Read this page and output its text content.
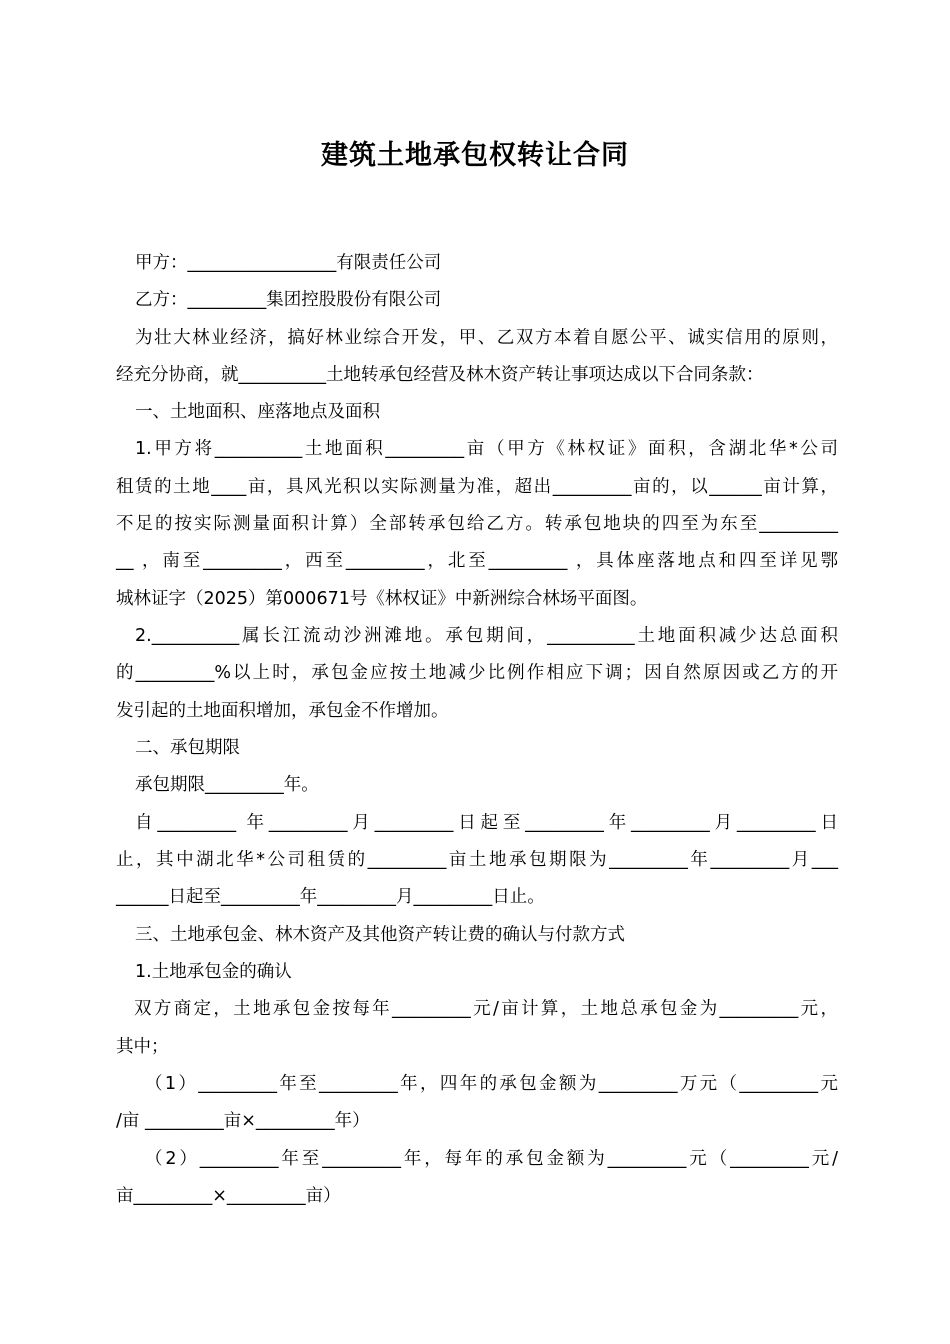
建筑土地承包权转让合同
甲方：_________________有限责任公司
乙方：_________集团控股股份有限公司
为壮大林业经济，搞好林业综合开发，甲、乙双方本着自愿公平、诚实信用的原则，
经充分协商，就__________土地转承包经营及林木资产转让事项达成以下合同条款：
一、土地面积、座落地点及面积
1.甲方将__________土地面积_________亩（甲方《林权证》面积，含湖北华*公司
租赁的土地____亩，具风光积以实际测量为准，超出_________亩的，以______亩计算，
不足的按实际测量面积计算）全部转承包给乙方。转承包地块的四至为东至_________
__ ，南至_________，西至_________，北至_________ ，具体座落地点和四至详见鄂
城林证字（2025）第000671号《林权证》中新洲综合林场平面图。
2.__________属长江流动沙洲滩地。承包期间，__________土地面积减少达总面积
的_________%以上时，承包金应按土地减少比例作相应下调；因自然原因或乙方的开
发引起的土地面积增加，承包金不作增加。
二、承包期限
承包期限_________年。
自_________ 年_________月_________日起至_________年_________月_________日
止，其中湖北华*公司租赁的_________亩土地承包期限为_________年_________月___
______日起至_________年_________月_________日止。
三、土地承包金、林木资产及其他资产转让费的确认与付款方式
1.土地承包金的确认
双方商定，土地承包金按每年_________元/亩计算，土地总承包金为_________元，
其中；
（1）_________年至_________年，四年的承包金额为_________万元（_________元
/亩 _________亩×_________年）
（2）_________年至_________年，每年的承包金额为_________元（_________元/
亩_________×_________亩）
